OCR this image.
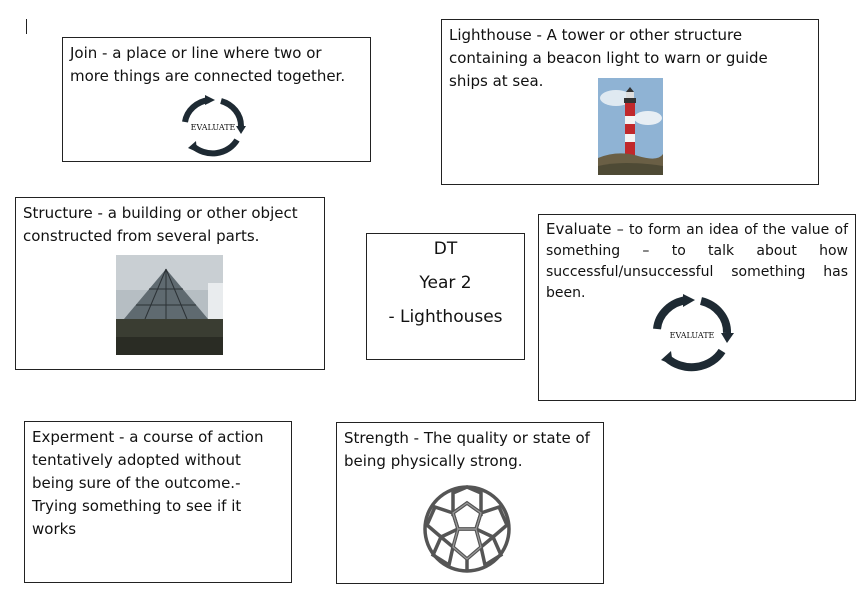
Join - a place or line where two or more things are connected together.
EVALUATE
Lighthouse - A tower or other structure containing a beacon light to warn or guide ships at sea.
Structure - a building or other object constructed from several parts.
DT
Year 2
- Lighthouses
Evaluate – to form an idea of the value of something – to talk about how successful/unsuccessful something has been.
EVALUATE
Experment - a course of action tentatively adopted without being sure of the outcome.- Trying something to see if it works
Strength - The quality or state of being physically strong.
